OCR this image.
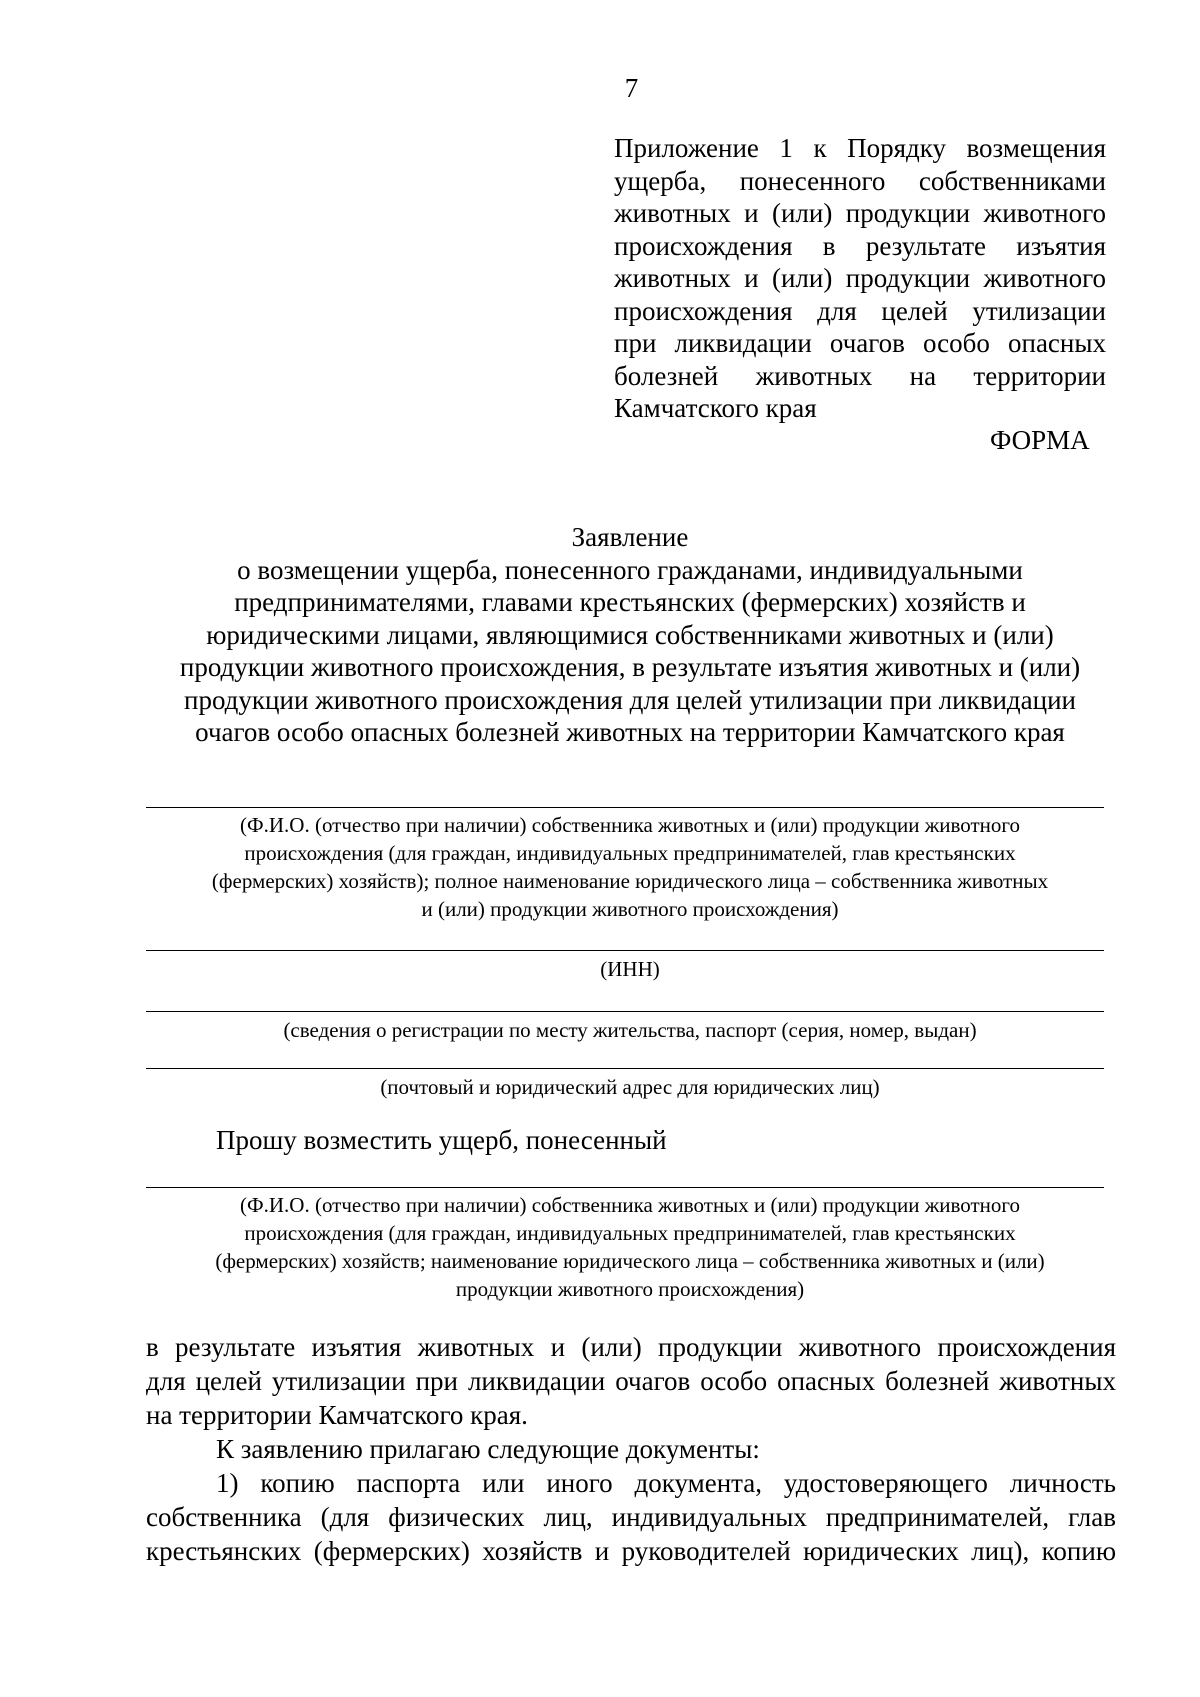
7
Приложение 1 к Порядку возмещения
ущерба, понесенного собственниками
животных и (или) продукции животного
происхождения в результате изъятия
животных и (или) продукции животного
происхождения для целей утилизации
при ликвидации очагов особо опасных
болезней животных на территории
Камчатского края
ФОРМА
Заявление
о возмещении ущерба, понесенного гражданами, индивидуальными
предпринимателями, главами крестьянских (фермерских) хозяйств и
юридическими лицами, являющимися собственниками животных и (или)
продукции животного происхождения, в результате изъятия животных и (или)
продукции животного происхождения для целей утилизации при ликвидации
очагов особо опасных болезней животных на территории Камчатского края
(Ф.И.О. (отчество при наличии) собственника животных и (или) продукции животного
происхождения (для граждан, индивидуальных предпринимателей, глав крестьянских
(фермерских) хозяйств); полное наименование юридического лица – собственника животных
и (или) продукции животного происхождения)
(ИНН)
(сведения о регистрации по месту жительства, паспорт (серия, номер, выдан)
(почтовый и юридический адрес для юридических лиц)
Прошу возместить ущерб, понесенный
(Ф.И.О. (отчество при наличии) собственника животных и (или) продукции животного
происхождения (для граждан, индивидуальных предпринимателей, глав крестьянских
(фермерских) хозяйств; наименование юридического лица – собственника животных и (или)
продукции животного происхождения)
в результате изъятия животных и (или) продукции животного происхождения
для целей утилизации при ликвидации очагов особо опасных болезней животных
на территории Камчатского края.
К заявлению прилагаю следующие документы:
1) копию паспорта или иного документа, удостоверяющего личность
собственника (для физических лиц, индивидуальных предпринимателей, глав
крестьянских (фермерских) хозяйств и руководителей юридических лиц), копию
